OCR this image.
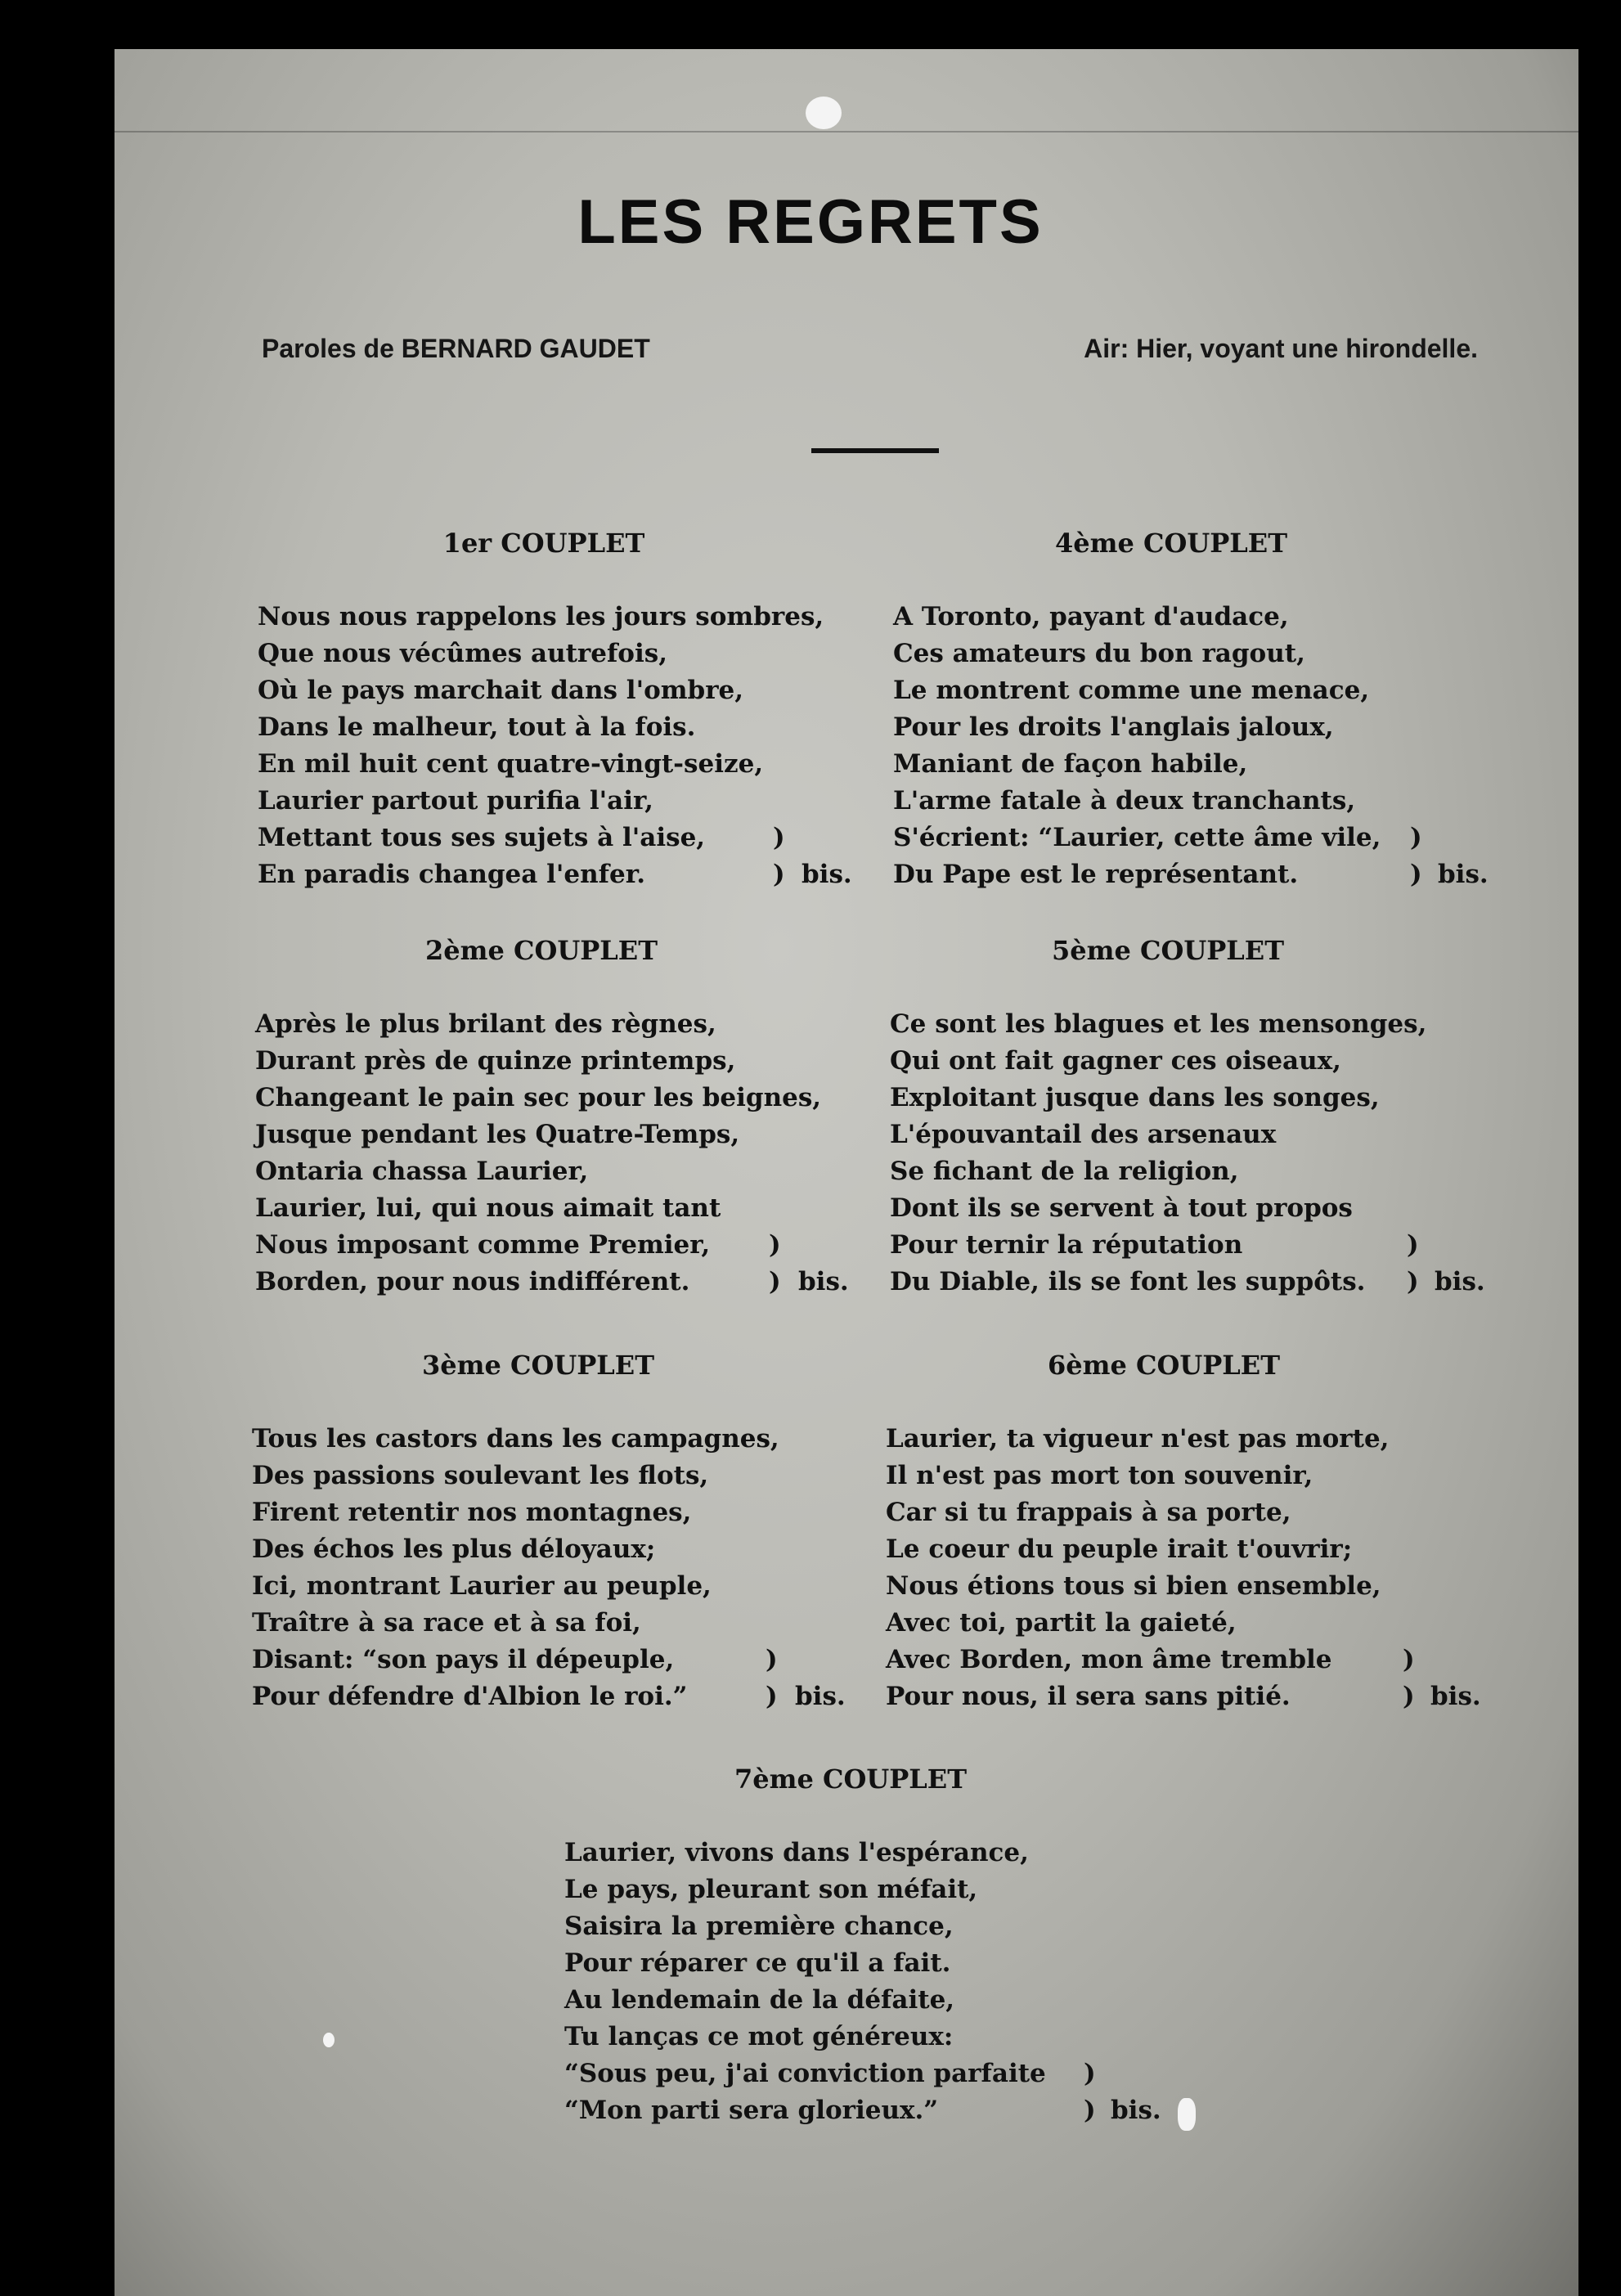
LES REGRETS
Paroles de BERNARD GAUDET	Air: Hier, voyant une hirondelle.
1er COUPLET
Nous nous rappelons les jours sombres,
Que nous vécûmes autrefois,
Où le pays marchait dans l'ombre,
Dans le malheur, tout à la fois.
En mil huit cent quatre-vingt-seize,
Laurier partout purifia l'air,
Mettant tous ses sujets à l'aise,	)
En paradis changea l'enfer.	) bis.
2ème COUPLET
Après le plus brilant des règnes,
Durant près de quinze printemps,
Changeant le pain sec pour les beignes,
Jusque pendant les Quatre-Temps,
Ontaria chassa Laurier,
Laurier, lui, qui nous aimait tant
Nous imposant comme Premier, )
Borden, pour nous indifférent.	) bis.
3ème COUPLET
Tous les castors dans les campagnes,
Des passions soulevant les flots,
Firent retentir nos montagnes,
Des échos les plus déloyaux;
Ici, montrant Laurier au peuple,
Traître à sa race et à sa foi,
Disant: “son pays il dépeuple,	)
Pour défendre d'Albion le roi.”	) bis.
4ème COUPLET
A Toronto, payant d'audace,
Ces amateurs du bon ragout,
Le montrent comme une menace,
Pour les droits l'anglais jaloux,
Maniant de façon habile,
L'arme fatale à deux tranchants,
S'écrient: “Laurier, cette âme vile, )
Du Pape est le représentant.	) bis.
5ème COUPLET
Ce sont les blagues et les mensonges,
Qui ont fait gagner ces oiseaux,
Exploitant jusque dans les songes,
L'épouvantail des arsenaux
Se fichant de la religion,
Dont ils se servent à tout propos
Pour ternir la réputation	)
Du Diable, ils se font les suppôts. ) bis.
6ème COUPLET
Laurier, ta vigueur n'est pas morte,
Il n'est pas mort ton souvenir,
Car si tu frappais à sa porte,
Le coeur du peuple irait t'ouvrir;
Nous étions tous si bien ensemble,
Avec toi, partit la gaieté,
Avec Borden, mon âme tremble	)
Pour nous, il sera sans pitié.	) bis.
7ème COUPLET
Laurier, vivons dans l'espérance,
Le pays, pleurant son méfait,
Saisira la première chance,
Pour réparer ce qu'il a fait.
Au lendemain de la défaite,
Tu lanças ce mot généreux:
“Sous peu, j'ai conviction parfaite )
“Mon parti sera glorieux.”	) bis.
